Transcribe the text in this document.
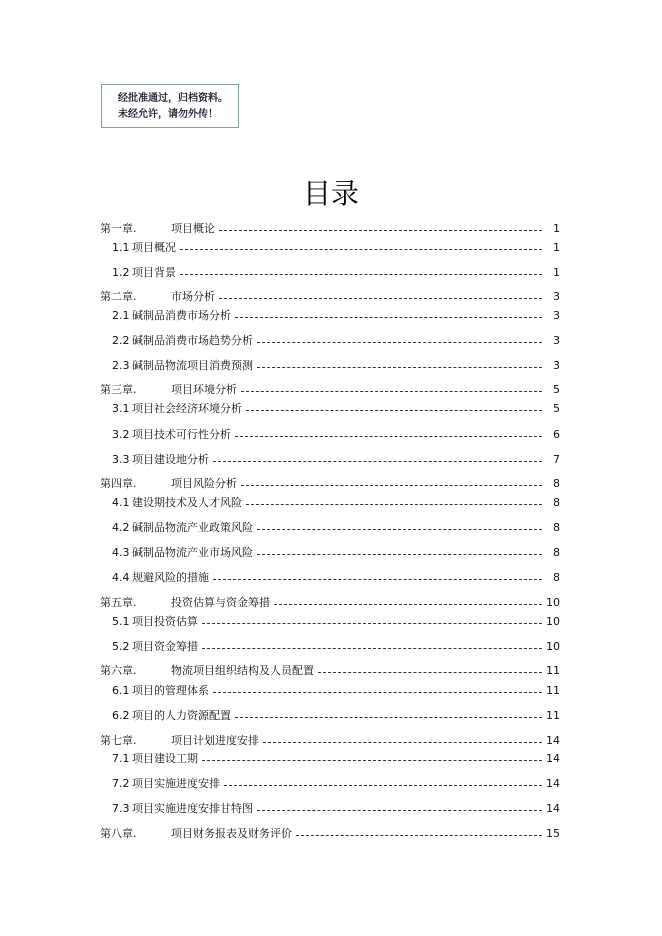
经批准通过，归档资料。
未经允许，请勿外传！
目录
第一章.	项目概论	1
1.1 项目概况	1
1.2 项目背景	1
第二章.	市场分析	3
2.1 碱制品消费市场分析	3
2.2 碱制品消费市场趋势分析	3
2.3 碱制品物流项目消费预测	3
第三章.	项目环境分析	5
3.1 项目社会经济环境分析	5
3.2 项目技术可行性分析	6
3.3 项目建设地分析	7
第四章.	项目风险分析	8
4.1 建设期技术及人才风险	8
4.2 碱制品物流产业政策风险	8
4.3 碱制品物流产业市场风险	8
4.4 规避风险的措施	8
第五章.	投资估算与资金筹措	10
5.1 项目投资估算	10
5.2 项目资金筹措	10
第六章.	物流项目组织结构及人员配置	11
6.1 项目的管理体系	11
6.2 项目的人力资源配置	11
第七章.	项目计划进度安排	14
7.1 项目建设工期	14
7.2 项目实施进度安排	14
7.3 项目实施进度安排甘特图	14
第八章.	项目财务报表及财务评价	15
